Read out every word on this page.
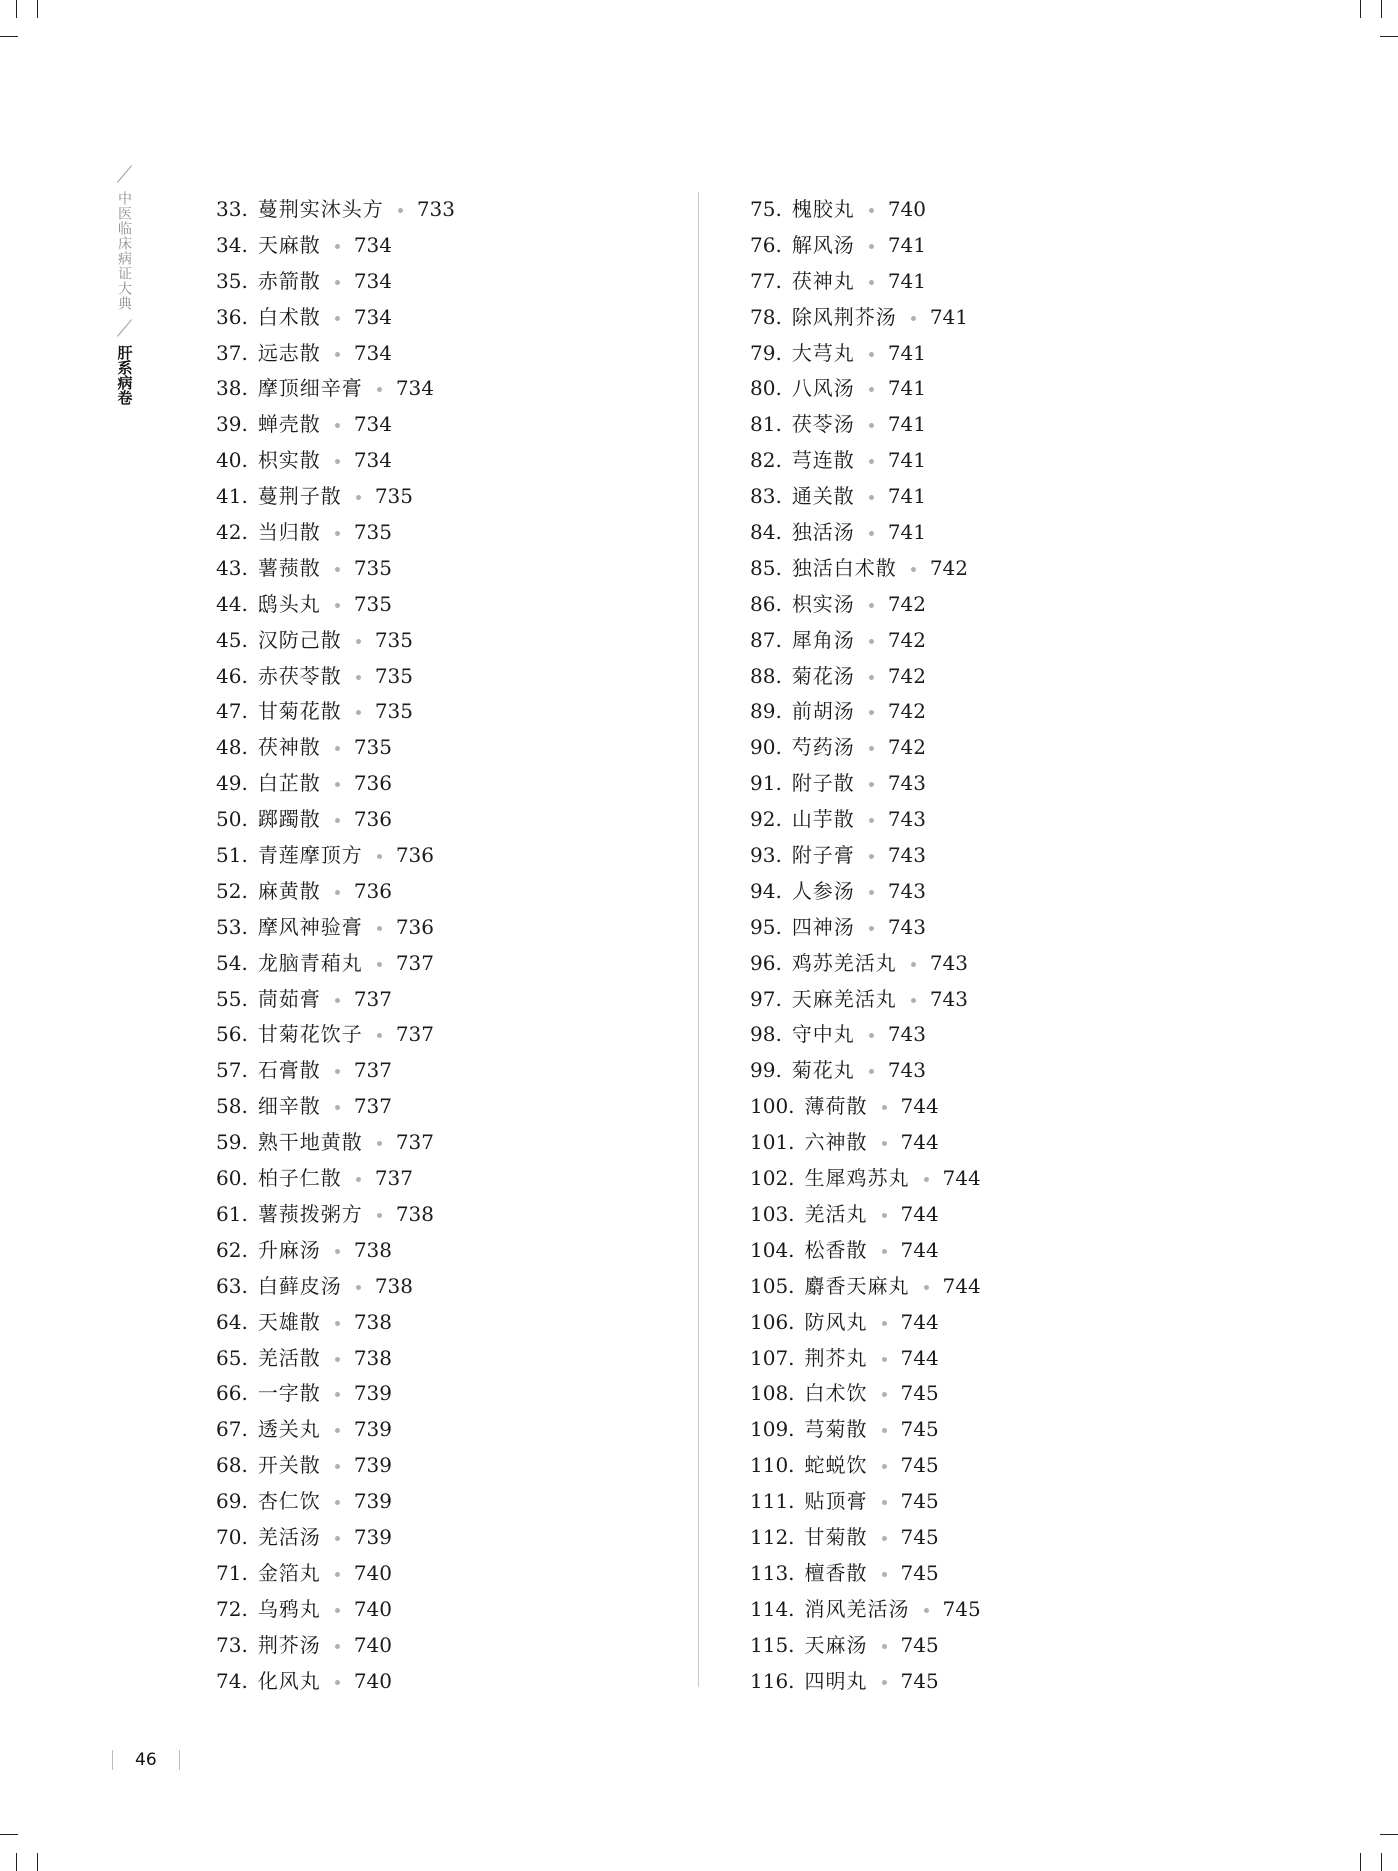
中医临床病证大典
肝系病卷
33. 蔓荆实沐头方 733
34. 天麻散 734
35. 赤箭散 734
36. 白术散 734
37. 远志散 734
38. 摩顶细辛膏 734
39. 蝉壳散 734
40. 枳实散 734
41. 蔓荆子散 735
42. 当归散 735
43. 薯蓣散 735
44. 鸱头丸 735
45. 汉防己散 735
46. 赤茯苓散 735
47. 甘菊花散 735
48. 茯神散 735
49. 白芷散 736
50. 踯躅散 736
51. 青莲摩顶方 736
52. 麻黄散 736
53. 摩风神验膏 736
54. 龙脑青葙丸 737
55. 茼茹膏 737
56. 甘菊花饮子 737
57. 石膏散 737
58. 细辛散 737
59. 熟干地黄散 737
60. 柏子仁散 737
61. 薯蓣拨粥方 738
62. 升麻汤 738
63. 白藓皮汤 738
64. 天雄散 738
65. 羌活散 738
66. 一字散 739
67. 透关丸 739
68. 开关散 739
69. 杏仁饮 739
70. 羌活汤 739
71. 金箔丸 740
72. 乌鸦丸 740
73. 荆芥汤 740
74. 化风丸 740
75. 槐胶丸 740
76. 解风汤 741
77. 茯神丸 741
78. 除风荆芥汤 741
79. 大芎丸 741
80. 八风汤 741
81. 茯苓汤 741
82. 芎连散 741
83. 通关散 741
84. 独活汤 741
85. 独活白术散 742
86. 枳实汤 742
87. 犀角汤 742
88. 菊花汤 742
89. 前胡汤 742
90. 芍药汤 742
91. 附子散 743
92. 山芋散 743
93. 附子膏 743
94. 人参汤 743
95. 四神汤 743
96. 鸡苏羌活丸 743
97. 天麻羌活丸 743
98. 守中丸 743
99. 菊花丸 743
100. 薄荷散 744
101. 六神散 744
102. 生犀鸡苏丸 744
103. 羌活丸 744
104. 松香散 744
105. 麝香天麻丸 744
106. 防风丸 744
107. 荆芥丸 744
108. 白术饮 745
109. 芎菊散 745
110. 蛇蜕饮 745
111. 贴顶膏 745
112. 甘菊散 745
113. 檀香散 745
114. 消风羌活汤 745
115. 天麻汤 745
116. 四明丸 745
46
